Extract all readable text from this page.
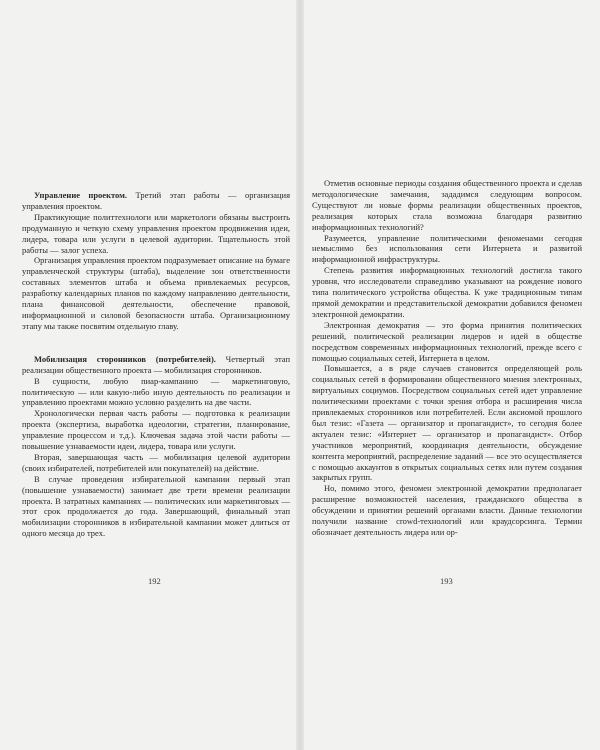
Управление проектом. Третий этап работы — организация управления проектом.

Практикующие политтехнологи или маркетологи обязаны выстроить продуманную и четкую схему управления проектом продвижения идеи, лидера, товара или услуги в целевой аудитории. Тщательность этой работы — залог успеха.

Организация управления проектом подразумевает описание на бумаге управленческой структуры (штаба), выделение зон ответственности составных элементов штаба и объема привлекаемых ресурсов, разработку календарных планов по каждому направлению деятельности, плана финансовой деятельности, обеспечение правовой, информационной и силовой безопасности штаба. Организационному этапу мы также посвятим отдельную главу.

Мобилизация сторонников (потребителей). Четвертый этап реализации общественного проекта — мобилизация сторонников.

В сущности, любую пиар-кампанию — маркетинговую, политическую — или какую-либо иную деятельность по реализации и управлению проектами можно условно разделить на две части.

Хронологически первая часть работы — подготовка к реализации проекта (экспертиза, выработка идеологии, стратегии, планирование, управление процессом и т.д.). Ключевая задача этой части работы — повышение узнаваемости идеи, лидера, товара или услуги.

Вторая, завершающая часть — мобилизация целевой аудитории (своих избирателей, потребителей или покупателей) на действие.

В случае проведения избирательной кампании первый этап (повышение узнаваемости) занимает две трети времени реализации проекта. В затратных кампаниях — политических или маркетинговых — этот срок продолжается до года. Завершающий, финальный этап мобилизации сторонников в избирательной кампании может длиться от одного месяца до трех.

192

Отметив основные периоды создания общественного проекта и сделав методологические замечания, зададимся следующим вопросом. Существуют ли новые формы реализации общественных проектов, реализация которых стала возможна благодаря развитию информационных технологий?

Разумеется, управление политическими феноменами сегодня немыслимо без использования сети Интернета и развитой информационной инфраструктуры.

Степень развития информационных технологий достигла такого уровня, что исследователи справедливо указывают на рождение нового типа политического устройства общества. К уже традиционным типам прямой демократии и представительской демократии добавился феномен электронной демократии.

Электронная демократия — это форма принятия политических решений, политической реализации лидеров и идей в обществе посредством современных информационных технологий, прежде всего с помощью социальных сетей, Интернета в целом.

Повышается, а в ряде случаев становится определяющей роль социальных сетей в формировании общественного мнения электронных, виртуальных социумов. Посредством социальных сетей идет управление политическими проектами с точки зрения отбора и расширения числа привлекаемых сторонников или потребителей. Если аксиомой прошлого был тезис: «Газета — организатор и пропагандист», то сегодня более актуален тезис: «Интернет — организатор и пропагандист». Отбор участников мероприятий, координация деятельности, обсуждение контента мероприятий, распределение заданий — все это осуществляется с помощью аккаунтов в открытых социальных сетях или путем создания закрытых групп.

Но, помимо этого, феномен электронной демократии предполагает расширение возможностей населения, гражданского общества в обсуждении и принятии решений органами власти. Данные технологии получили название crowd-технологий или краудсорсинга. Термин обозначает деятельность лидера или ор-

193
